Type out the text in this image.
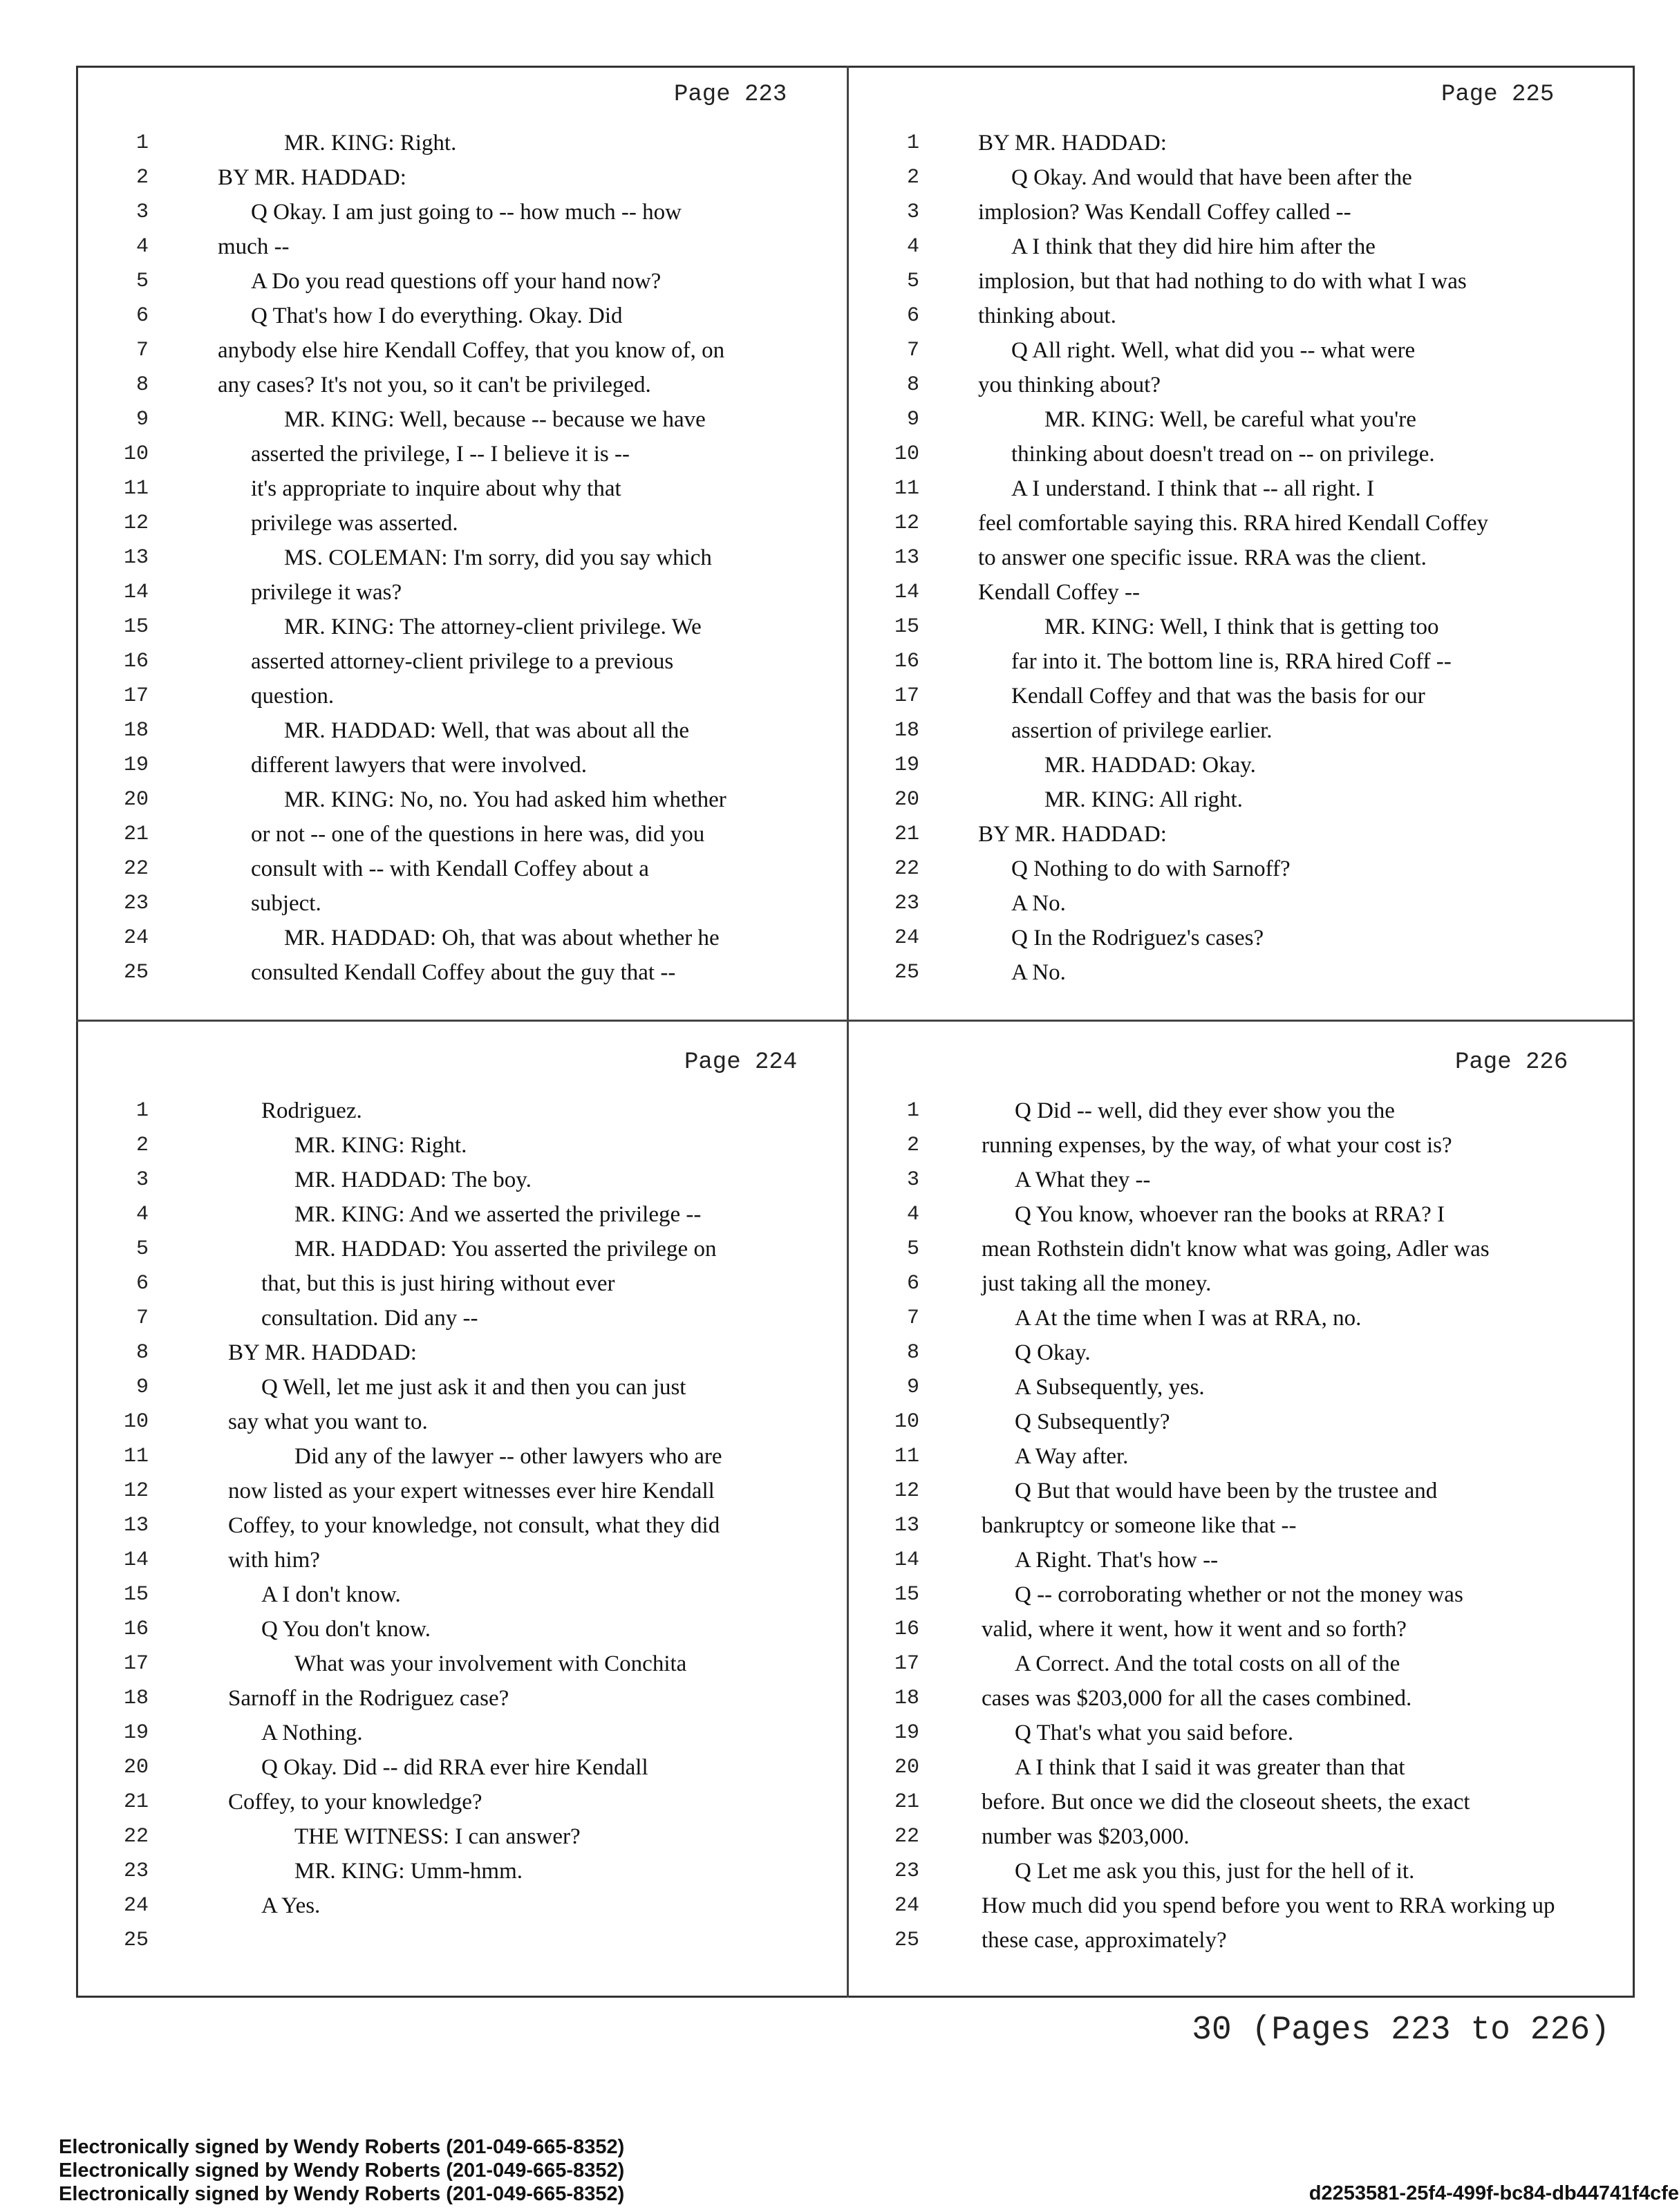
Page 223
1	MR. KING: Right.
2	BY MR. HADDAD:
3	Q Okay. I am just going to -- how much -- how
4	much --
5	A Do you read questions off your hand now?
6	Q That's how I do everything. Okay. Did
7	anybody else hire Kendall Coffey, that you know of, on
8	any cases? It's not you, so it can't be privileged.
9	MR. KING: Well, because -- because we have
10	asserted the privilege, I -- I believe it is --
11	it's appropriate to inquire about why that
12	privilege was asserted.
13	MS. COLEMAN: I'm sorry, did you say which
14	privilege it was?
15	MR. KING: The attorney-client privilege. We
16	asserted attorney-client privilege to a previous
17	question.
18	MR. HADDAD: Well, that was about all the
19	different lawyers that were involved.
20	MR. KING: No, no. You had asked him whether
21	or not -- one of the questions in here was, did you
22	consult with -- with Kendall Coffey about a
23	subject.
24	MR. HADDAD: Oh, that was about whether he
25	consulted Kendall Coffey about the guy that --
Page 225
1	BY MR. HADDAD:
2	Q Okay. And would that have been after the
3	implosion? Was Kendall Coffey called --
4	A I think that they did hire him after the
5	implosion, but that had nothing to do with what I was
6	thinking about.
7	Q All right. Well, what did you -- what were
8	you thinking about?
9	MR. KING: Well, be careful what you're
10	thinking about doesn't tread on -- on privilege.
11	A I understand. I think that -- all right. I
12	feel comfortable saying this. RRA hired Kendall Coffey
13	to answer one specific issue. RRA was the client.
14	Kendall Coffey --
15	MR. KING: Well, I think that is getting too
16	far into it. The bottom line is, RRA hired Coff --
17	Kendall Coffey and that was the basis for our
18	assertion of privilege earlier.
19	MR. HADDAD: Okay.
20	MR. KING: All right.
21	BY MR. HADDAD:
22	Q Nothing to do with Sarnoff?
23	A No.
24	Q In the Rodriguez's cases?
25	A No.
Page 224
1	Rodriguez.
2	MR. KING: Right.
3	MR. HADDAD: The boy.
4	MR. KING: And we asserted the privilege --
5	MR. HADDAD: You asserted the privilege on
6	that, but this is just hiring without ever
7	consultation. Did any --
8	BY MR. HADDAD:
9	Q Well, let me just ask it and then you can just
10	say what you want to.
11	Did any of the lawyer -- other lawyers who are
12	now listed as your expert witnesses ever hire Kendall
13	Coffey, to your knowledge, not consult, what they did
14	with him?
15	A I don't know.
16	Q You don't know.
17	What was your involvement with Conchita
18	Sarnoff in the Rodriguez case?
19	A Nothing.
20	Q Okay. Did -- did RRA ever hire Kendall
21	Coffey, to your knowledge?
22	THE WITNESS: I can answer?
23	MR. KING: Umm-hmm.
24	A Yes.
25
Page 226
1	Q Did -- well, did they ever show you the
2	running expenses, by the way, of what your cost is?
3	A What they --
4	Q You know, whoever ran the books at RRA? I
5	mean Rothstein didn't know what was going, Adler was
6	just taking all the money.
7	A At the time when I was at RRA, no.
8	Q Okay.
9	A Subsequently, yes.
10	Q Subsequently?
11	A Way after.
12	Q But that would have been by the trustee and
13	bankruptcy or someone like that --
14	A Right. That's how --
15	Q -- corroborating whether or not the money was
16	valid, where it went, how it went and so forth?
17	A Correct. And the total costs on all of the
18	cases was $203,000 for all the cases combined.
19	Q That's what you said before.
20	A I think that I said it was greater than that
21	before. But once we did the closeout sheets, the exact
22	number was $203,000.
23	Q Let me ask you this, just for the hell of it.
24	How much did you spend before you went to RRA working up
25	these case, approximately?
30 (Pages 223 to 226)
Electronically signed by Wendy Roberts (201-049-665-8352)
Electronically signed by Wendy Roberts (201-049-665-8352)
Electronically signed by Wendy Roberts (201-049-665-8352)	d2253581-25f4-499f-bc84-db44741f4cfe
